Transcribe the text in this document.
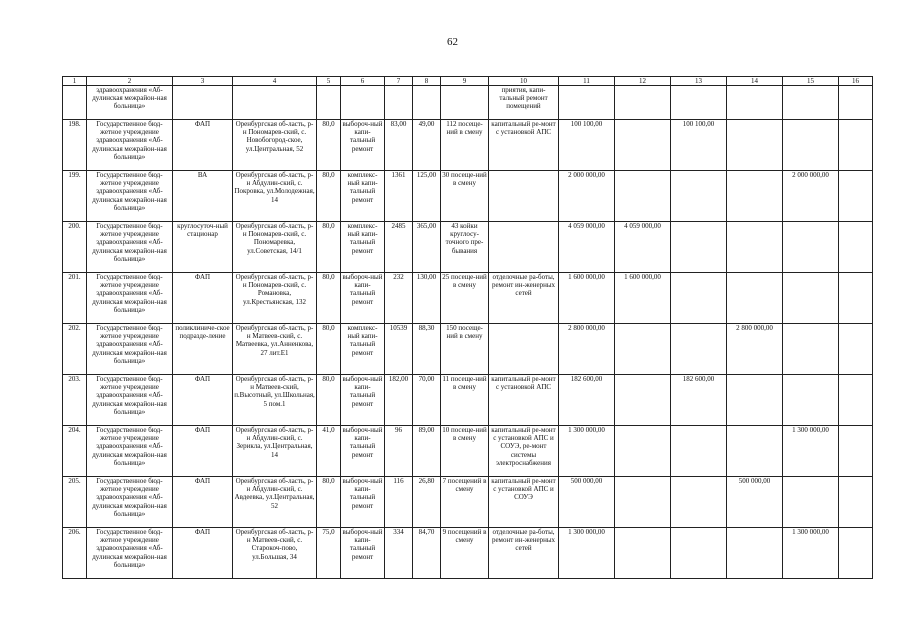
62
1	2	3	4	5	6	7	8	9	10	11	12	13	14	15	16
	здравоохранения «Аб-дулинская межрайон-ная больница»								приятия, капи-тальный ремонт помещений						
198.	Государственное бюд-жетное учреждение здравоохранения «Аб-дулинская межрайон-ная больница»	ФАП	Оренбургская об-ласть, р-н Пономарев-ский, с. Новобогород-ское, ул.Центральная, 52	80,0	выбороч-ный капи-тальный ремонт	83,00	49,00	112 посеще-ний в смену	капитальный ре-монт с установкой АПС	100 100,00		100 100,00			
199.	Государственное бюд-жетное учреждение здравоохранения «Аб-дулинская межрайон-ная больница»	ВА	Оренбургская об-ласть, р-н Абдулин-ский, с. Покровка, ул.Молодежная, 14	80,0	комплекс-ный капи-тальный ремонт	1361	125,00	30 посеще-ний в смену		2 000 000,00				2 000 000,00	
200.	Государственное бюд-жетное учреждение здравоохранения «Аб-дулинская межрайон-ная больница»	круглосуточ-ный стационар	Оренбургская об-ласть, р-н Пономарев-ский, с. Пономаревка, ул.Советская, 14/1	80,0	комплекс-ный капи-тальный ремонт	2485	365,00	43 койки круглосу-точного пре-бывания		4 059 000,00	4 059 000,00				
201.	Государственное бюд-жетное учреждение здравоохранения «Аб-дулинская межрайон-ная больница»	ФАП	Оренбургская об-ласть, р-н Пономарев-ский, с. Романовка, ул.Крестьянская, 132	80,0	выбороч-ный капи-тальный ремонт	232	130,00	25 посеще-ний в смену	отделочные ра-боты, ремонт ин-женерных сетей	1 600 000,00	1 600 000,00				
202.	Государственное бюд-жетное учреждение здравоохранения «Аб-дулинская межрайон-ная больница»	поликлиниче-ское подразде-ление	Оренбургская об-ласть, р-н Матвеев-ский, с. Матвеевка, ул.Анненкова, 27 лит.Е1	80,0	комплекс-ный капи-тальный ремонт	10539	88,30	150 посеще-ний в смену		2 800 000,00			2 800 000,00		
203.	Государственное бюд-жетное учреждение здравоохранения «Аб-дулинская межрайон-ная больница»	ФАП	Оренбургская об-ласть, р-н Матвеев-ский, п.Высотный, ул.Школьная, 5 пом.1	80,0	выбороч-ный капи-тальный ремонт	182,00	70,00	11 посеще-ний в смену	капитальный ре-монт с установкой АПС	182 600,00		182 600,00			
204.	Государственное бюд-жетное учреждение здравоохранения «Аб-дулинская межрайон-ная больница»	ФАП	Оренбургская об-ласть, р-н Абдулин-ский, с. Зерикла, ул.Центральная, 14	41,0	выбороч-ный капи-тальный ремонт	96	89,00	10 посеще-ний в смену	капитальный ре-монт с установкой АПС и СОУЭ, ре-монт системы электроснабжения	1 300 000,00				1 300 000,00	
205.	Государственное бюд-жетное учреждение здравоохранения «Аб-дулинская межрайон-ная больница»	ФАП	Оренбургская об-ласть, р-н Абдулин-ский, с. Авдеевка, ул.Центральная, 52	80,0	выбороч-ный капи-тальный ремонт	116	26,80	7 посещений в смену	капитальный ре-монт с установкой АПС и СОУЭ	500 000,00			500 000,00		
206.	Государственное бюд-жетное учреждение здравоохранения «Аб-дулинская межрайон-ная больница»	ФАП	Оренбургская об-ласть, р-н Матвеев-ский, с. Старокоч-пово, ул.Большая, 34	75,0	выбороч-ный капи-тальный ремонт	334	84,70	9 посещений в смену	отделочные ра-боты, ремонт ин-женерных сетей	1 300 000,00				1 300 000,00	
